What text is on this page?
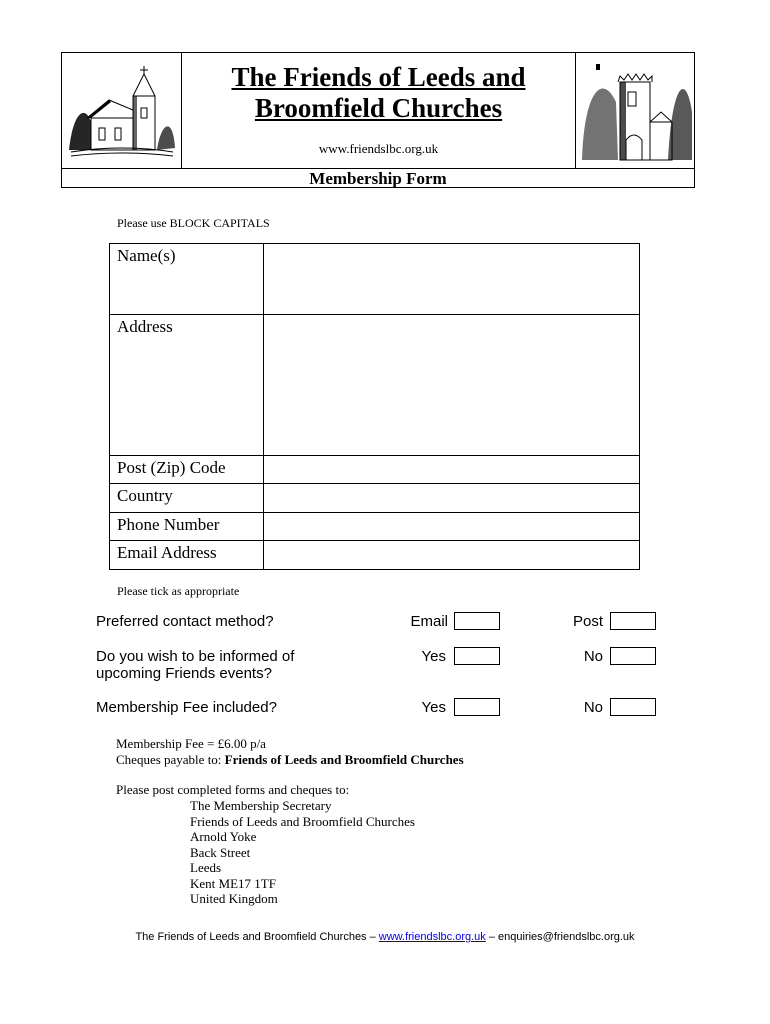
The Friends of Leeds and
Broomfield Churches
www.friendslbc.org.uk
Membership Form
Please use BLOCK CAPITALS
Name(s)
Address
Post (Zip) Code
Country
Phone Number
Email Address
Please tick as appropriate
Preferred contact method?	Email	Post
Do you wish to be informed of
upcoming Friends events?
Yes	No
Membership Fee included?	Yes	No
Membership Fee = £6.00 p/a
Cheques payable to: Friends of Leeds and Broomfield Churches
Please post completed forms and cheques to:
The Membership Secretary
Friends of Leeds and Broomfield Churches
Arnold Yoke
Back Street
Leeds
Kent ME17 1TF
United Kingdom
The Friends of Leeds and Broomfield Churches – www.friendslbc.org.uk – enquiries@friendslbc.org.uk
